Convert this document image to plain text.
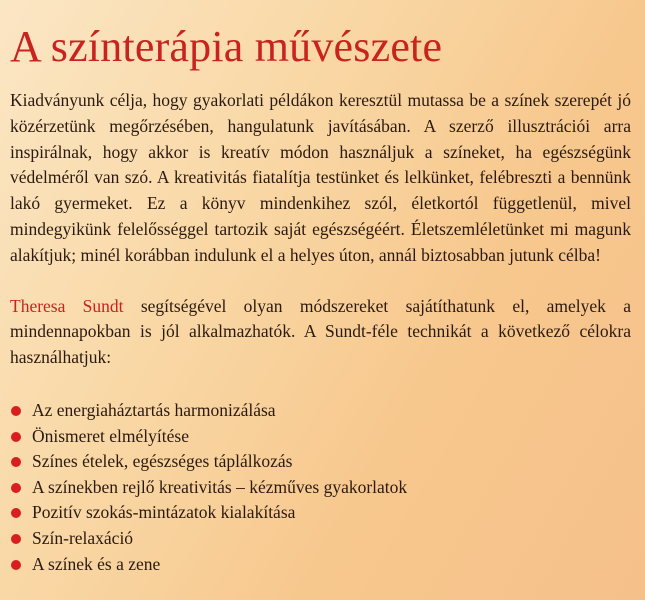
A színterápia művészete

Kiadványunk célja, hogy gyakorlati példákon keresztül mutassa be a színek szerepét jó közérzetünk megőrzésében, hangulatunk javításában. A szerző illusztrációi arra inspirálnak, hogy akkor is kreatív módon használjuk a színeket, ha egészségünk védelméről van szó. A kreativitás fiatalítja testünket és lelkünket, felébreszti a bennünk lakó gyermeket. Ez a könyv mindenkihez szól, életkortól függetlenül, mivel mindegyikünk felelősséggel tartozik saját egészségéért. Életszemléletünket mi magunk alakítjuk; minél korábban indulunk el a helyes úton, annál biztosabban jutunk célba!

Theresa Sundt segítségével olyan módszereket sajátíthatunk el, amelyek a mindennapokban is jól alkalmazhatók. A Sundt-féle technikát a következő célokra használhatjuk:

Az energiaháztartás harmonizálása
Önismeret elmélyítése
Színes ételek, egészséges táplálkozás
A színekben rejlő kreativitás – kézműves gyakorlatok
Pozitív szokás-mintázatok kialakítása
Szín-relaxáció
A színek és a zene
